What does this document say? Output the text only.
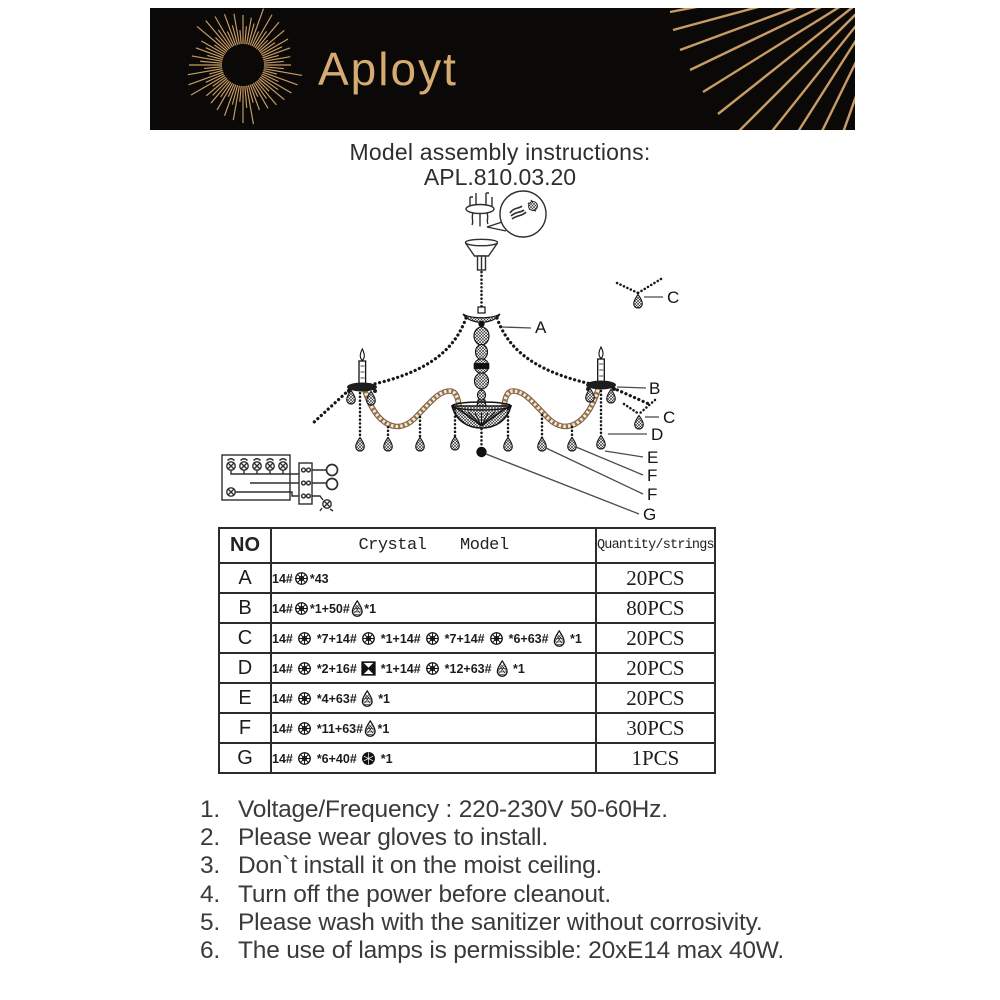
Aployt
Model assembly instructions:
APL.810.03.20
A
B
C
C
D
E
F
F
G
NO	Crystal Model	Quantity/strings
A	14# *43	20PCS
B	14# *1+50# *1	80PCS
C	14#  *7+14#  *1+14#  *7+14#  *6+63#  *1	20PCS
D	14#  *2+16#  *1+14#  *12+63#  *1	20PCS
E	14#  *4+63#  *1	20PCS
F	14#  *11+63# *1	30PCS
G	14#  *6+40#  *1	1PCS
1. Voltage/Frequency : 220-230V 50-60Hz.
2. Please wear gloves to install.
3. Don`t install it on the moist ceiling.
4. Turn off the power before cleanout.
5. Please wash with the sanitizer without corrosivity.
6. The use of lamps is permissible: 20xE14 max 40W.
